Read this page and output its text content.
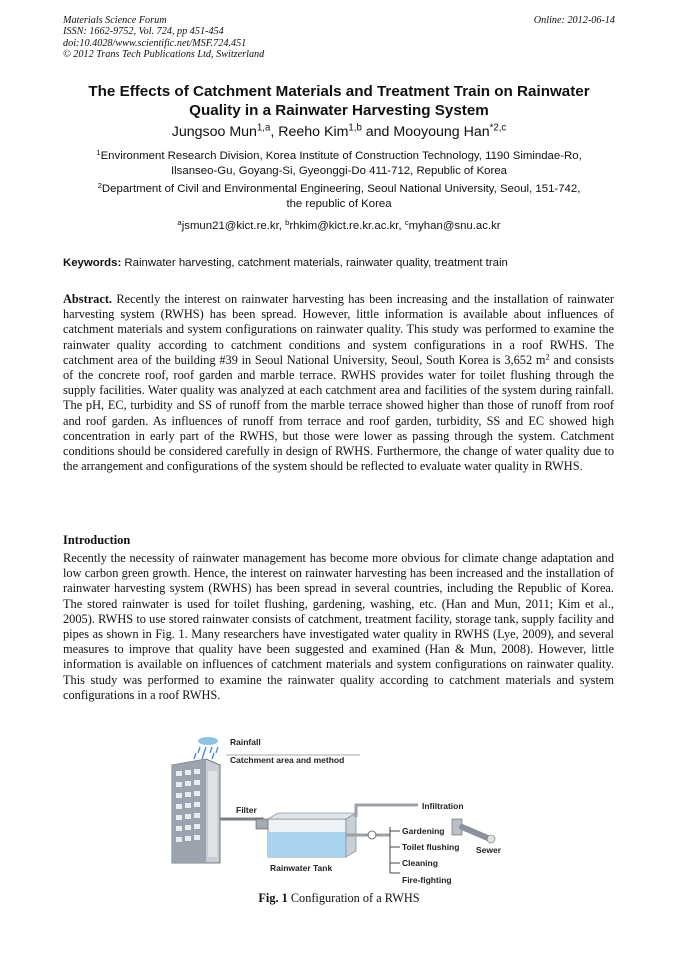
Materials Science Forum
ISSN: 1662-9752, Vol. 724, pp 451-454
doi:10.4028/www.scientific.net/MSF.724.451
© 2012 Trans Tech Publications Ltd, Switzerland
Online: 2012-06-14
The Effects of Catchment Materials and Treatment Train on Rainwater
Quality in a Rainwater Harvesting System
Jungsoo Mun$^{1,a}$, Reeho Kim$^{1,b}$ and Mooyoung Han$^{*2,c}$
$^1$Environment Research Division, Korea Institute of Construction Technology, 1190 Simindae-Ro,
Ilsanseo-Gu, Goyang-Si, Gyeonggi-Do 411-712, Republic of Korea
$^2$Department of Civil and Environmental Engineering, Seoul National University, Seoul, 151-742,
the republic of Korea
$^a$jsmun21@kict.re.kr, $^b$rhkim@kict.re.kr.ac.kr, $^c$myhan@snu.ac.kr
Keywords: Rainwater harvesting, catchment materials, rainwater quality, treatment train
Abstract. Recently the interest on rainwater harvesting has been increasing and the installation of rainwater harvesting system (RWHS) has been spread. However, little information is available about influences of catchment materials and system configurations on rainwater quality. This study was performed to examine the rainwater quality according to catchment conditions and system configurations in a roof RWHS. The catchment area of the building #39 in Seoul National University, Seoul, South Korea is 3,652 $m^2$ and consists of the concrete roof, roof garden and marble terrace. RWHS provides water for toilet flushing through the supply facilities. Water quality was analyzed at each catchment area and facilities of the system during rainfall. The pH, EC, turbidity and SS of runoff from the marble terrace showed higher than those of runoff from roof and roof garden. As influences of runoff from terrace and roof garden, turbidity, SS and EC showed high concentration in early part of the RWHS, but those were lower as passing through the system. Catchment conditions should be considered carefully in design of RWHS. Furthermore, the change of water quality due to the arrangement and configurations of the system should be reflected to evaluate water quality in RWHS.
Introduction
Recently the necessity of rainwater management has become more obvious for climate change adaptation and low carbon green growth. Hence, the interest on rainwater harvesting has been increased and the installation of rainwater harvesting system (RWHS) has been spread in several countries, including the Republic of Korea. The stored rainwater is used for toilet flushing, gardening, washing, etc. (Han and Mun, 2011; Kim et al., 2005). RWHS to use stored rainwater consists of catchment, treatment facility, storage tank, supply facility and pipes as shown in Fig. 1. Many researchers have investigated water quality in RWHS (Lye, 2009), and several measures to improve that quality have been suggested and examined (Han & Mun, 2008). However, little information is available on influences of catchment materials and system configurations on rainwater quality. This study was performed to examine the rainwater quality according to catchment materials and system configurations in a roof RWHS.
Rainfall
Catchment area and method
Filter
Rainwater Tank
Infiltration
Gardening
Toilet flushing
Cleaning
Fire-fighting
Sewer
Fig. 1 Configuration of a RWHS
